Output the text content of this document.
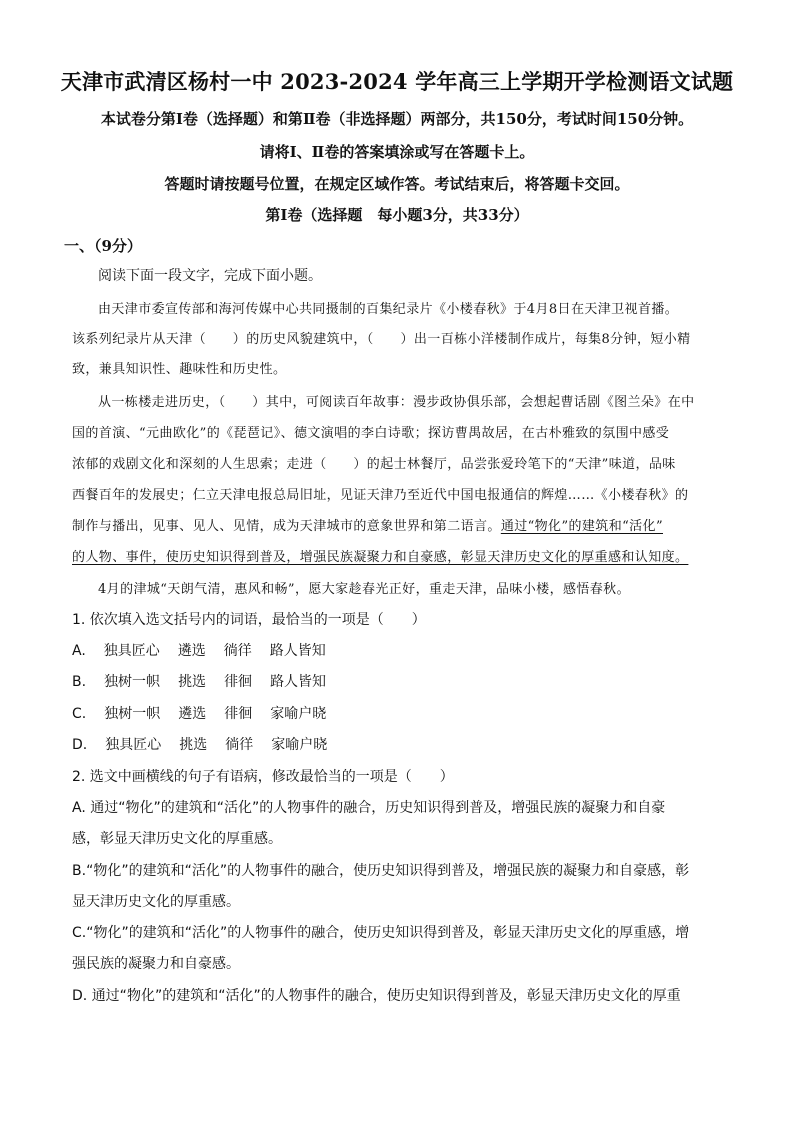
天津市武清区杨村一中 2023-2024 学年高三上学期开学检测语文试题
本试卷分第Ⅰ卷（选择题）和第Ⅱ卷（非选择题）两部分，共150分，考试时间150分钟。
请将Ⅰ、Ⅱ卷的答案填涂或写在答题卡上。
答题时请按题号位置，在规定区域作答。考试结束后，将答题卡交回。
第Ⅰ卷（选择题　每小题3分，共33分）
一、（9分）
阅读下面一段文字，完成下面小题。
由天津市委宣传部和海河传媒中心共同摄制的百集纪录片《小楼春秋》于4月8日在天津卫视首播。
该系列纪录片从天津（　　）的历史风貌建筑中，（　　）出一百栋小洋楼制作成片，每集8分钟，短小精
致，兼具知识性、趣味性和历史性。
从一栋楼走进历史，（　　）其中，可阅读百年故事：漫步政协俱乐部，会想起曹话剧《图兰朵》在中
国的首演、“元曲欧化”的《琵琶记》、德文演唱的李白诗歌；探访曹禺故居，在古朴雅致的氛围中感受
浓郁的戏剧文化和深刻的人生思索；走进（　　）的起士林餐厅，品尝张爱玲笔下的“天津”味道，品味
西餐百年的发展史；仁立天津电报总局旧址，见证天津乃至近代中国电报通信的辉煌……《小楼春秋》的
制作与播出，见事、见人、见情，成为天津城市的意象世界和第二语言。通过“物化”的建筑和“活化”
的人物、事件，使历史知识得到普及，增强民族凝聚力和自豪感，彰显天津历史文化的厚重感和认知度。
4月的津城“天朗气清，惠风和畅”，愿大家趁春光正好，重走天津，品味小楼，感悟春秋。
1. 依次填入选文括号内的词语，最恰当的一项是（　　）
A. 独具匠心 遴选 徜徉 路人皆知
B. 独树一帜 挑选 徘徊 路人皆知
C. 独树一帜 遴选 徘徊 家喻户晓
D. 独具匠心 挑选 徜徉 家喻户晓
2. 选文中画横线的句子有语病，修改最恰当的一项是（　　）
A. 通过“物化”的建筑和“活化”的人物事件的融合，历史知识得到普及，增强民族的凝聚力和自豪
感，彰显天津历史文化的厚重感。
B.“物化”的建筑和“活化”的人物事件的融合，使历史知识得到普及，增强民族的凝聚力和自豪感，彰
显天津历史文化的厚重感。
C.“物化”的建筑和“活化”的人物事件的融合，使历史知识得到普及，彰显天津历史文化的厚重感，增
强民族的凝聚力和自豪感。
D. 通过“物化”的建筑和“活化”的人物事件的融合，使历史知识得到普及，彰显天津历史文化的厚重
